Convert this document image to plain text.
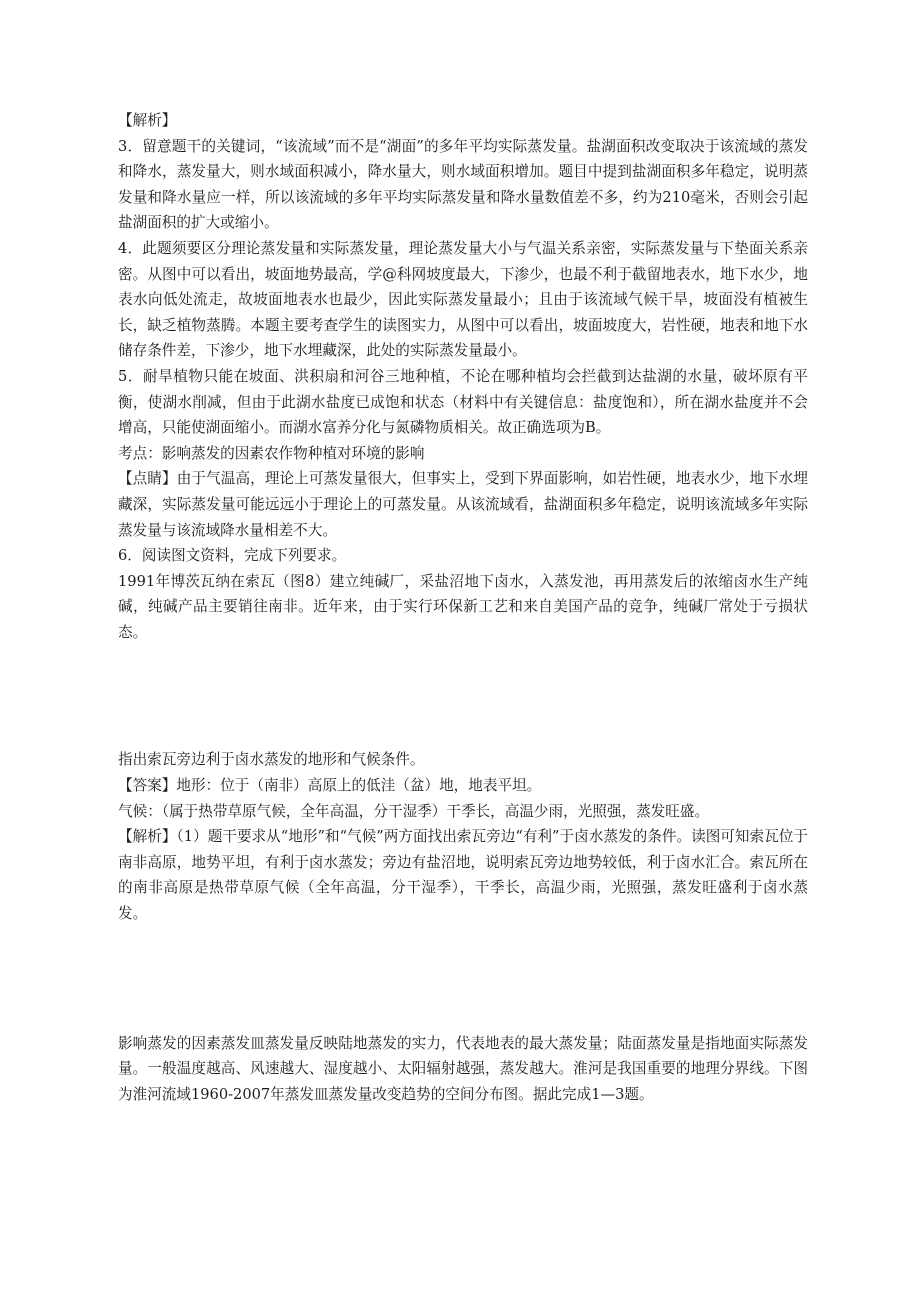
【解析】

3．留意题干的关键词，“该流域”而不是“湖面”的多年平均实际蒸发量。盐湖面积改变取决于该流域的蒸发和降水，蒸发量大，则水域面积减小，降水量大，则水域面积增加。题目中提到盐湖面积多年稳定，说明蒸发量和降水量应一样，所以该流域的多年平均实际蒸发量和降水量数值差不多，约为210毫米，否则会引起盐湖面积的扩大或缩小。

4．此题须要区分理论蒸发量和实际蒸发量，理论蒸发量大小与气温关系亲密，实际蒸发量与下垫面关系亲密。从图中可以看出，坡面地势最高，学@科网坡度最大，下渗少，也最不利于截留地表水，地下水少，地表水向低处流走，故坡面地表水也最少，因此实际蒸发量最小；且由于该流域气候干旱，坡面没有植被生长，缺乏植物蒸腾。本题主要考查学生的读图实力，从图中可以看出，坡面坡度大，岩性硬，地表和地下水储存条件差，下渗少，地下水埋藏深，此处的实际蒸发量最小。

5．耐旱植物只能在坡面、洪积扇和河谷三地种植，不论在哪种植均会拦截到达盐湖的水量，破坏原有平衡，使湖水削减，但由于此湖水盐度已成饱和状态（材料中有关键信息：盐度饱和），所在湖水盐度并不会增高，只能使湖面缩小。而湖水富养分化与氮磷物质相关。故正确选项为B。

考点：影响蒸发的因素农作物种植对环境的影响

【点睛】由于气温高，理论上可蒸发量很大，但事实上，受到下界面影响，如岩性硬，地表水少，地下水埋藏深，实际蒸发量可能远远小于理论上的可蒸发量。从该流域看，盐湖面积多年稳定，说明该流域多年实际蒸发量与该流域降水量相差不大。

6．阅读图文资料，完成下列要求。

1991年博茨瓦纳在索瓦（图8）建立纯碱厂，采盐沼地下卤水，入蒸发池，再用蒸发后的浓缩卤水生产纯碱，纯碱产品主要销往南非。近年来，由于实行环保新工艺和来自美国产品的竞争，纯碱厂常处于亏损状态。

指出索瓦旁边利于卤水蒸发的地形和气候条件。

【答案】地形：位于（南非）高原上的低洼（盆）地，地表平坦。

气候：（属于热带草原气候，全年高温，分干湿季）干季长，高温少雨，光照强，蒸发旺盛。

【解析】（1）题干要求从“地形”和“气候”两方面找出索瓦旁边“有利”于卤水蒸发的条件。读图可知索瓦位于南非高原，地势平坦，有利于卤水蒸发；旁边有盐沼地，说明索瓦旁边地势较低，利于卤水汇合。索瓦所在的南非高原是热带草原气候（全年高温，分干湿季），干季长，高温少雨，光照强，蒸发旺盛利于卤水蒸发。

影响蒸发的因素蒸发皿蒸发量反映陆地蒸发的实力，代表地表的最大蒸发量；陆面蒸发量是指地面实际蒸发量。一般温度越高、风速越大、湿度越小、太阳辐射越强，蒸发越大。淮河是我国重要的地理分界线。下图为淮河流域1960-2007年蒸发皿蒸发量改变趋势的空间分布图。据此完成1—3题。
